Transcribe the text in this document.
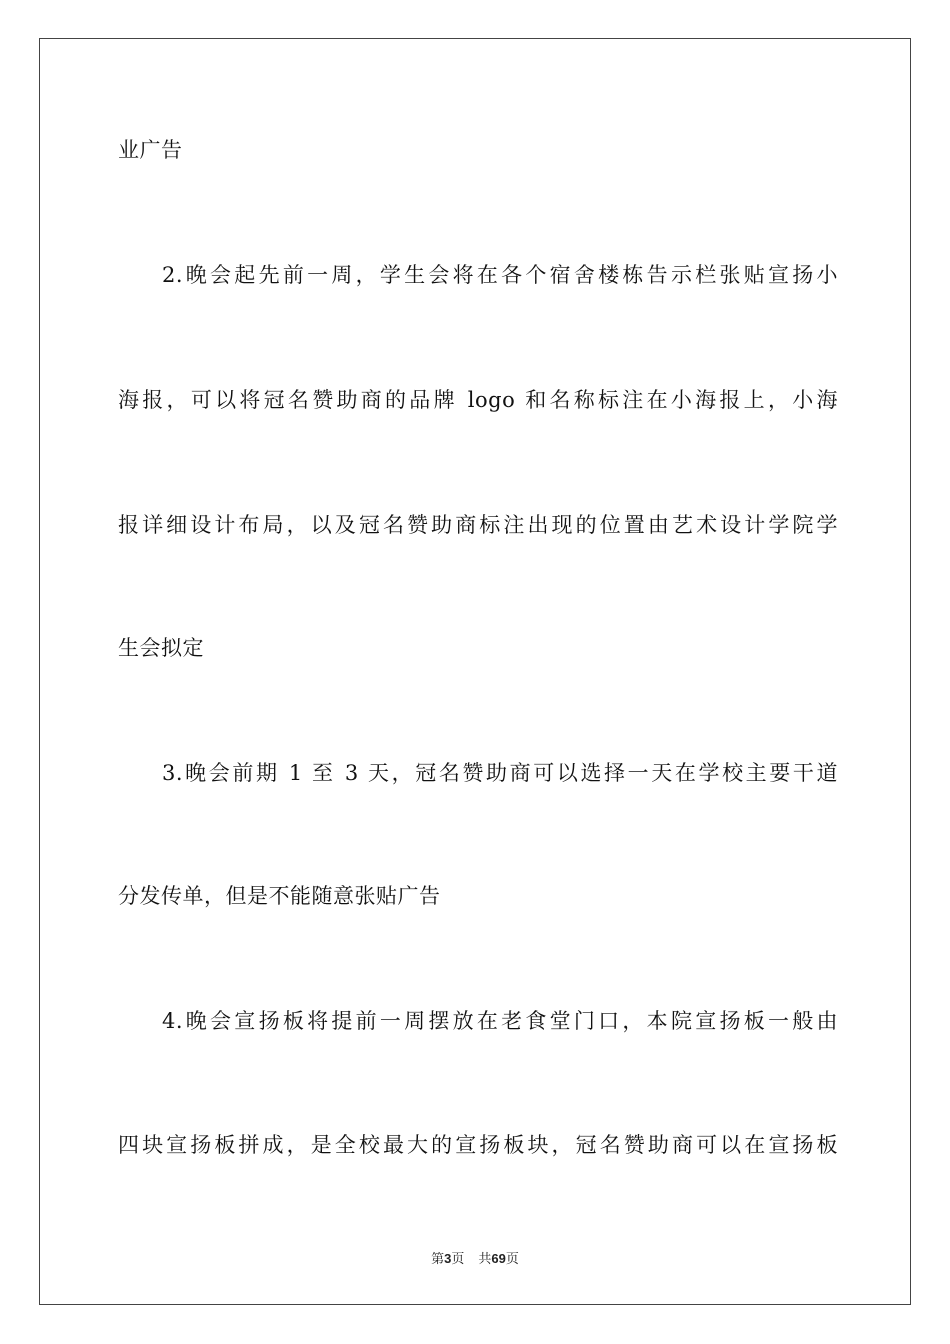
业广告
2.晚会起先前一周，学生会将在各个宿舍楼栋告示栏张贴宣扬小
海报，可以将冠名赞助商的品牌 logo 和名称标注在小海报上，小海
报详细设计布局，以及冠名赞助商标注出现的位置由艺术设计学院学
生会拟定
3.晚会前期 1 至 3 天，冠名赞助商可以选择一天在学校主要干道
分发传单，但是不能随意张贴广告
4.晚会宣扬板将提前一周摆放在老食堂门口，本院宣扬板一般由
四块宣扬板拼成，是全校最大的宣扬板块，冠名赞助商可以在宣扬板
第3页 共69页
